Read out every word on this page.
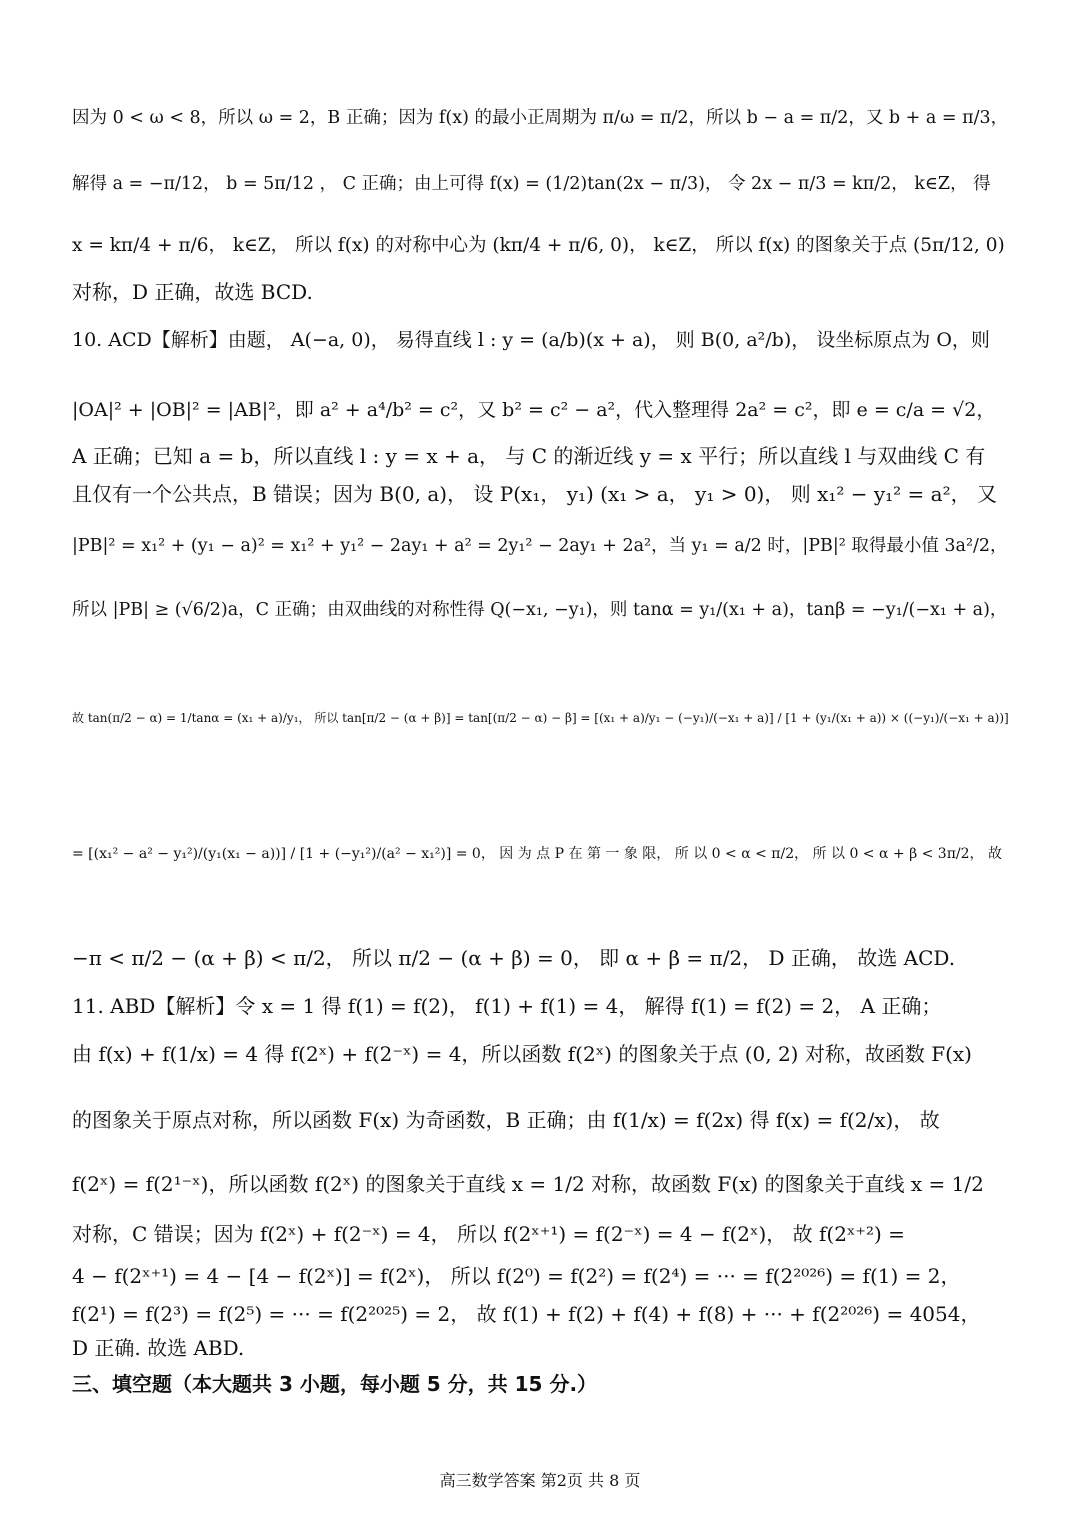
因为 0 < ω < 8，所以 ω = 2，B 正确；因为 f(x) 的最小正周期为 π/ω = π/2，所以 b − a = π/2，又 b + a = π/3，
解得 a = −π/12， b = 5π/12 ， C 正确；由上可得 f(x) = (1/2)tan(2x − π/3)， 令 2x − π/3 = kπ/2， k∈Z， 得
x = kπ/4 + π/6， k∈Z， 所以 f(x) 的对称中心为 (kπ/4 + π/6, 0)， k∈Z， 所以 f(x) 的图象关于点 (5π/12, 0)
对称，D 正确，故选 BCD.
10. ACD【解析】由题， A(−a, 0)， 易得直线 l : y = (a/b)(x + a)， 则 B(0, a²/b)， 设坐标原点为 O，则
|OA|² + |OB|² = |AB|²，即 a² + a⁴/b² = c²，又 b² = c² − a²，代入整理得 2a² = c²，即 e = c/a = √2，
A 正确；已知 a = b，所以直线 l : y = x + a， 与 C 的渐近线 y = x 平行；所以直线 l 与双曲线 C 有
且仅有一个公共点，B 错误；因为 B(0, a)， 设 P(x₁， y₁) (x₁ > a， y₁ > 0)， 则 x₁² − y₁² = a²， 又
|PB|² = x₁² + (y₁ − a)² = x₁² + y₁² − 2ay₁ + a² = 2y₁² − 2ay₁ + 2a²，当 y₁ = a/2 时，|PB|² 取得最小值 3a²/2，
所以 |PB| ≥ (√6/2)a，C 正确；由双曲线的对称性得 Q(−x₁, −y₁)，则 tanα = y₁/(x₁ + a)，tanβ = −y₁/(−x₁ + a)，
故 tan(π/2 − α) = 1/tanα = (x₁ + a)/y₁， 所以 tan[π/2 − (α + β)] = tan[(π/2 − α) − β] = [(x₁ + a)/y₁ − (−y₁)/(−x₁ + a)] / [1 + (y₁/(x₁ + a)) × ((−y₁)/(−x₁ + a))]
= [(x₁² − a² − y₁²)/(y₁(x₁ − a))] / [1 + (−y₁²)/(a² − x₁²)] = 0， 因 为 点 P 在 第 一 象 限， 所 以 0 < α < π/2， 所 以 0 < α + β < 3π/2， 故
−π < π/2 − (α + β) < π/2， 所以 π/2 − (α + β) = 0， 即 α + β = π/2， D 正确， 故选 ACD.
11. ABD【解析】令 x = 1 得 f(1) = f(2)， f(1) + f(1) = 4， 解得 f(1) = f(2) = 2， A 正确；
由 f(x) + f(1/x) = 4 得 f(2ˣ) + f(2⁻ˣ) = 4，所以函数 f(2ˣ) 的图象关于点 (0, 2) 对称，故函数 F(x)
的图象关于原点对称，所以函数 F(x) 为奇函数，B 正确；由 f(1/x) = f(2x) 得 f(x) = f(2/x)， 故
f(2ˣ) = f(2¹⁻ˣ)，所以函数 f(2ˣ) 的图象关于直线 x = 1/2 对称，故函数 F(x) 的图象关于直线 x = 1/2
对称，C 错误；因为 f(2ˣ) + f(2⁻ˣ) = 4， 所以 f(2ˣ⁺¹) = f(2⁻ˣ) = 4 − f(2ˣ)， 故 f(2ˣ⁺²) =
4 − f(2ˣ⁺¹) = 4 − [4 − f(2ˣ)] = f(2ˣ)， 所以 f(2⁰) = f(2²) = f(2⁴) = ··· = f(2²⁰²⁶) = f(1) = 2，
f(2¹) = f(2³) = f(2⁵) = ··· = f(2²⁰²⁵) = 2， 故 f(1) + f(2) + f(4) + f(8) + ··· + f(2²⁰²⁶) = 4054，
D 正确. 故选 ABD.
三、填空题（本大题共 3 小题，每小题 5 分，共 15 分.）
高三数学答案 第2页 共 8 页
